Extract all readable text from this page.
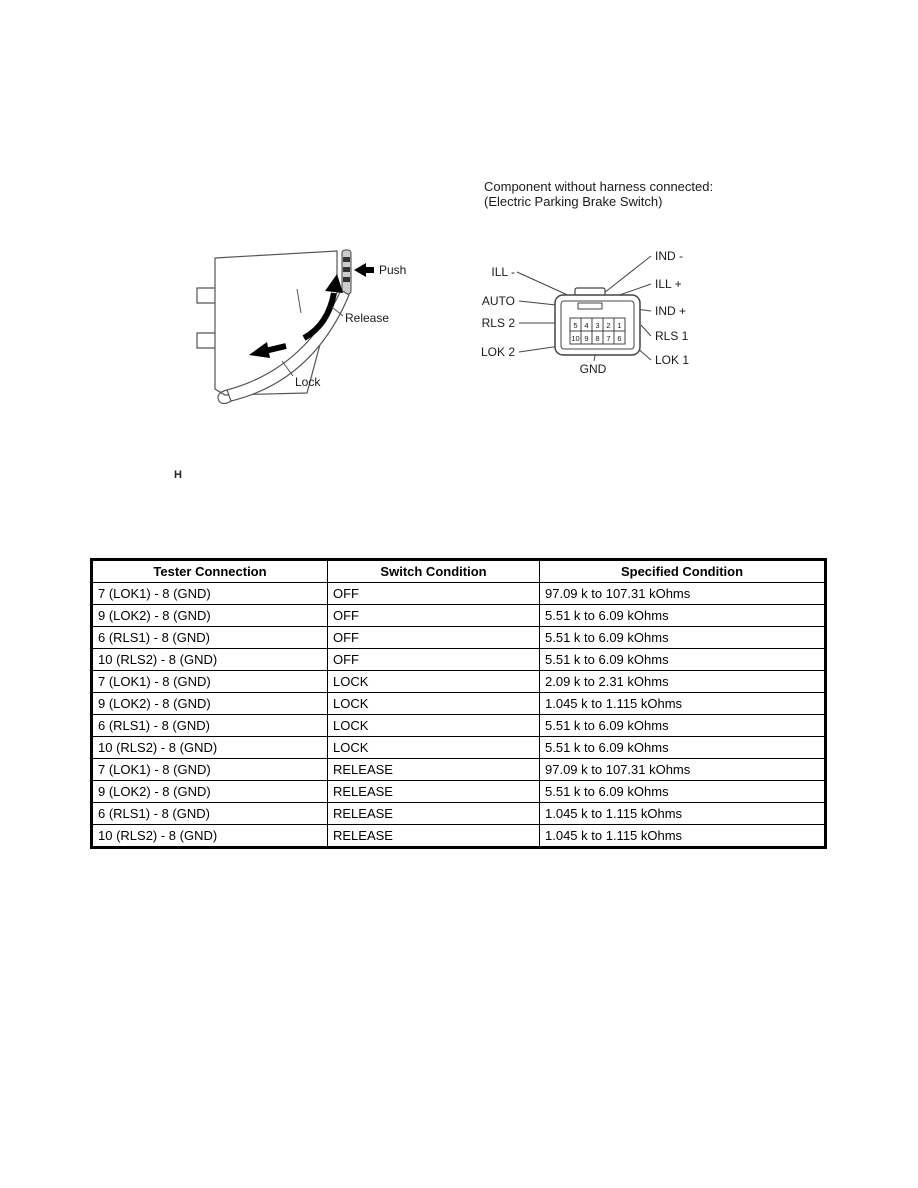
Component without harness connected:
(Electric Parking Brake Switch)
Push
Release
Lock
5 4 3 2 1
10 9 8 7 6
ILL -
AUTO
RLS 2
LOK 2
IND -
ILL +
IND +
RLS 1
LOK 1
GND
H
Tester Connection	Switch Condition	Specified Condition
7 (LOK1) - 8 (GND)	OFF	97.09 k to 107.31 kOhms
9 (LOK2) - 8 (GND)	OFF	5.51 k to 6.09 kOhms
6 (RLS1) - 8 (GND)	OFF	5.51 k to 6.09 kOhms
10 (RLS2) - 8 (GND)	OFF	5.51 k to 6.09 kOhms
7 (LOK1) - 8 (GND)	LOCK	2.09 k to 2.31 kOhms
9 (LOK2) - 8 (GND)	LOCK	1.045 k to 1.115 kOhms
6 (RLS1) - 8 (GND)	LOCK	5.51 k to 6.09 kOhms
10 (RLS2) - 8 (GND)	LOCK	5.51 k to 6.09 kOhms
7 (LOK1) - 8 (GND)	RELEASE	97.09 k to 107.31 kOhms
9 (LOK2) - 8 (GND)	RELEASE	5.51 k to 6.09 kOhms
6 (RLS1) - 8 (GND)	RELEASE	1.045 k to 1.115 kOhms
10 (RLS2) - 8 (GND)	RELEASE	1.045 k to 1.115 kOhms
